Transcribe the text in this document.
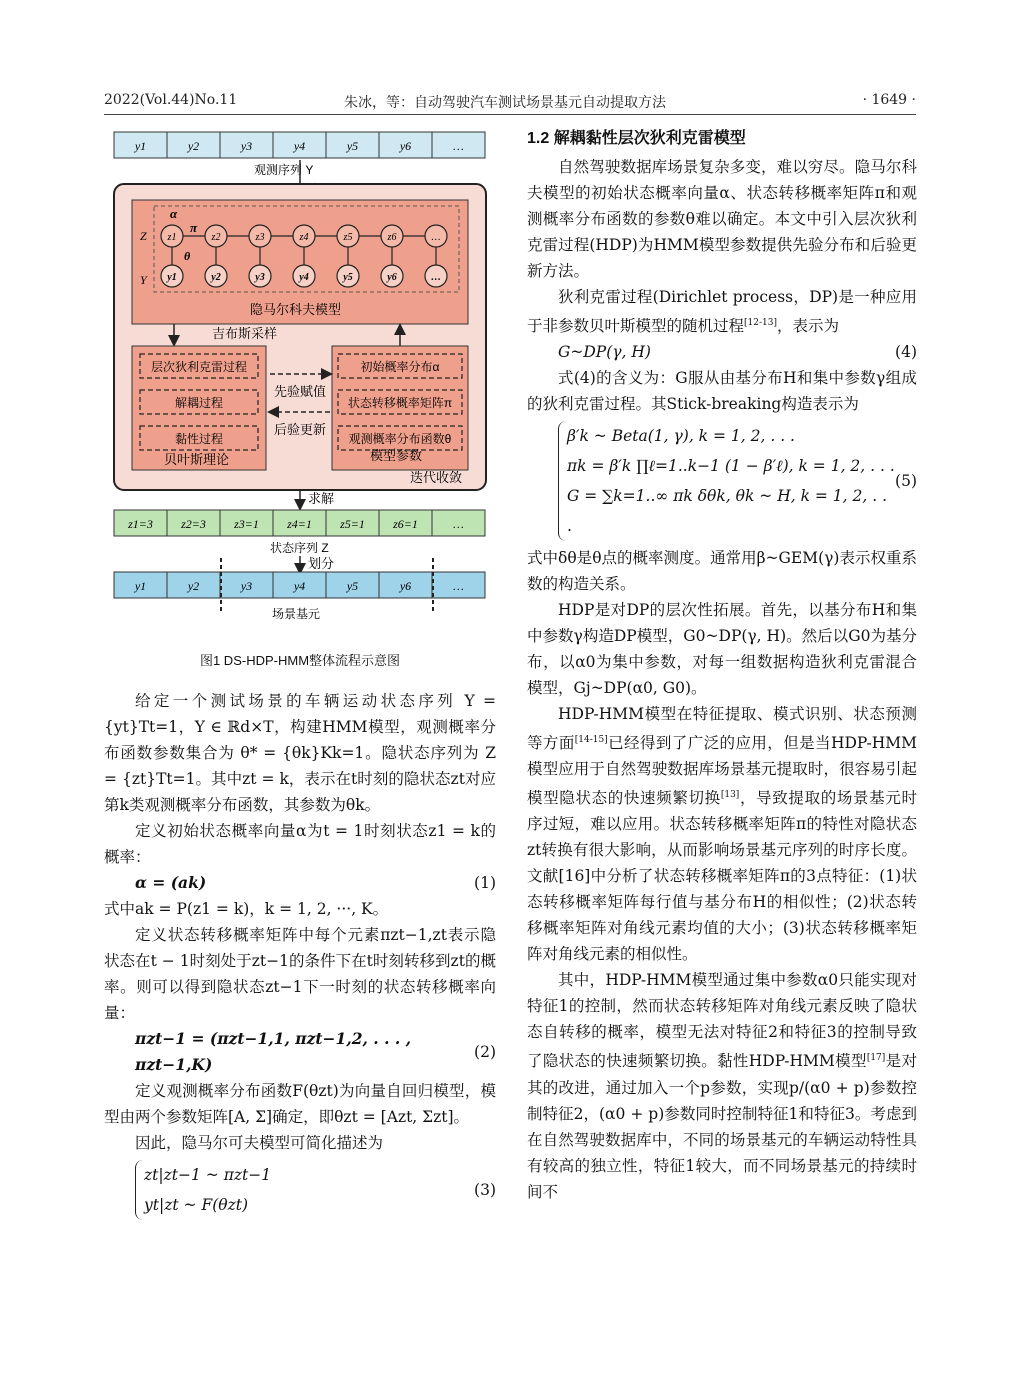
2022(Vol.44)No.11	朱冰，等：自动驾驶汽车测试场景基元自动提取方法	· 1649 ·
y1	y2	y3	y4	y5	y6	…
观测序列 Y
Z
Y
α
π
θ
z1
y1
z2
y2
z3
y3
z4
y4
z5
y5
z6
y6
…
…
隐马尔科夫模型
吉布斯采样
层次狄利克雷过程
解耦过程
黏性过程
贝叶斯理论
初始概率分布α
状态转移概率矩阵π
观测概率分布函数θ
模型参数
先验赋值
后验更新
迭代收敛
求解
z1=3 z2=3 z3=1 z4=1 z5=1 z6=1	…
状态序列 Z
划分
y1	y2	y3	y4	y5	y6	…
场景基元
图1 DS-HDP-HMM整体流程示意图

给定一个测试场景的车辆运动状态序列 Y = {yt}Tt=1，Y ∈ ℝd×T，构建HMM模型，观测概率分布函数参数集合为 θ* = {θk}Kk=1。隐状态序列为 Z = {zt}Tt=1。其中zt = k，表示在t时刻的隐状态zt对应第k类观测概率分布函数，其参数为θk。

定义初始状态概率向量α为t = 1时刻状态z1 = k的概率：

α = (ak)	(1)

式中ak = P(z1 = k)，k = 1, 2, ···, K。

定义状态转移概率矩阵中每个元素πzt−1,zt表示隐状态在t − 1时刻处于zt−1的条件下在t时刻转移到zt的概率。则可以得到隐状态zt−1下一时刻的状态转移概率向量：

πzt−1 = (πzt−1,1, πzt−1,2, . . . , πzt−1,K)
(2)

定义观测概率分布函数F(θzt)为向量自回归模型，模型由两个参数矩阵[A, Σ]确定，即θzt = [Azt, Σzt]。

因此，隐马尔可夫模型可简化描述为

zt|zt−1 ~ πzt−1
yt|zt ~ F(θzt)
(3)
1.2 解耦黏性层次狄利克雷模型

自然驾驶数据库场景复杂多变，难以穷尽。隐马尔科夫模型的初始状态概率向量α、状态转移概率矩阵π和观测概率分布函数的参数θ难以确定。本文中引入层次狄利克雷过程(HDP)为HMM模型参数提供先验分布和后验更新方法。

狄利克雷过程(Dirichlet process，DP)是一种应用于非参数贝叶斯模型的随机过程[12-13]，表示为

G~DP(γ, H)	(4)

式(4)的含义为：G服从由基分布H和集中参数γ组成的狄利克雷过程。其Stick-breaking构造表示为

β′k ~ Beta(1, γ), k = 1, 2, . . .
πk = β′k ∏ℓ=1..k−1 (1 − β′ℓ), k = 1, 2, . . .
G = ∑k=1..∞ πk δθk, θk ~ H, k = 1, 2, . . .
(5)

式中δθ是θ点的概率测度。通常用β~GEM(γ)表示权重系数的构造关系。

HDP是对DP的层次性拓展。首先，以基分布H和集中参数γ构造DP模型，G0~DP(γ, H)。然后以G0为基分布，以α0为集中参数，对每一组数据构造狄利克雷混合模型，Gj~DP(α0, G0)。

HDP-HMM模型在特征提取、模式识别、状态预测等方面[14-15]已经得到了广泛的应用，但是当HDP-HMM模型应用于自然驾驶数据库场景基元提取时，很容易引起模型隐状态的快速频繁切换[13]，导致提取的场景基元时序过短，难以应用。状态转移概率矩阵π的特性对隐状态zt转换有很大影响，从而影响场景基元序列的时序长度。文献[16]中分析了状态转移概率矩阵π的3点特征：(1)状态转移概率矩阵每行值与基分布H的相似性；(2)状态转移概率矩阵对角线元素均值的大小；(3)状态转移概率矩阵对角线元素的相似性。

其中，HDP-HMM模型通过集中参数α0只能实现对特征1的控制，然而状态转移矩阵对角线元素反映了隐状态自转移的概率，模型无法对特征2和特征3的控制导致了隐状态的快速频繁切换。黏性HDP-HMM模型[17]是对其的改进，通过加入一个p参数，实现p/(α0 + p)参数控制特征2，(α0 + p)参数同时控制特征1和特征3。考虑到在自然驾驶数据库中，不同的场景基元的车辆运动特性具有较高的独立性，特征1较大，而不同场景基元的持续时间不
